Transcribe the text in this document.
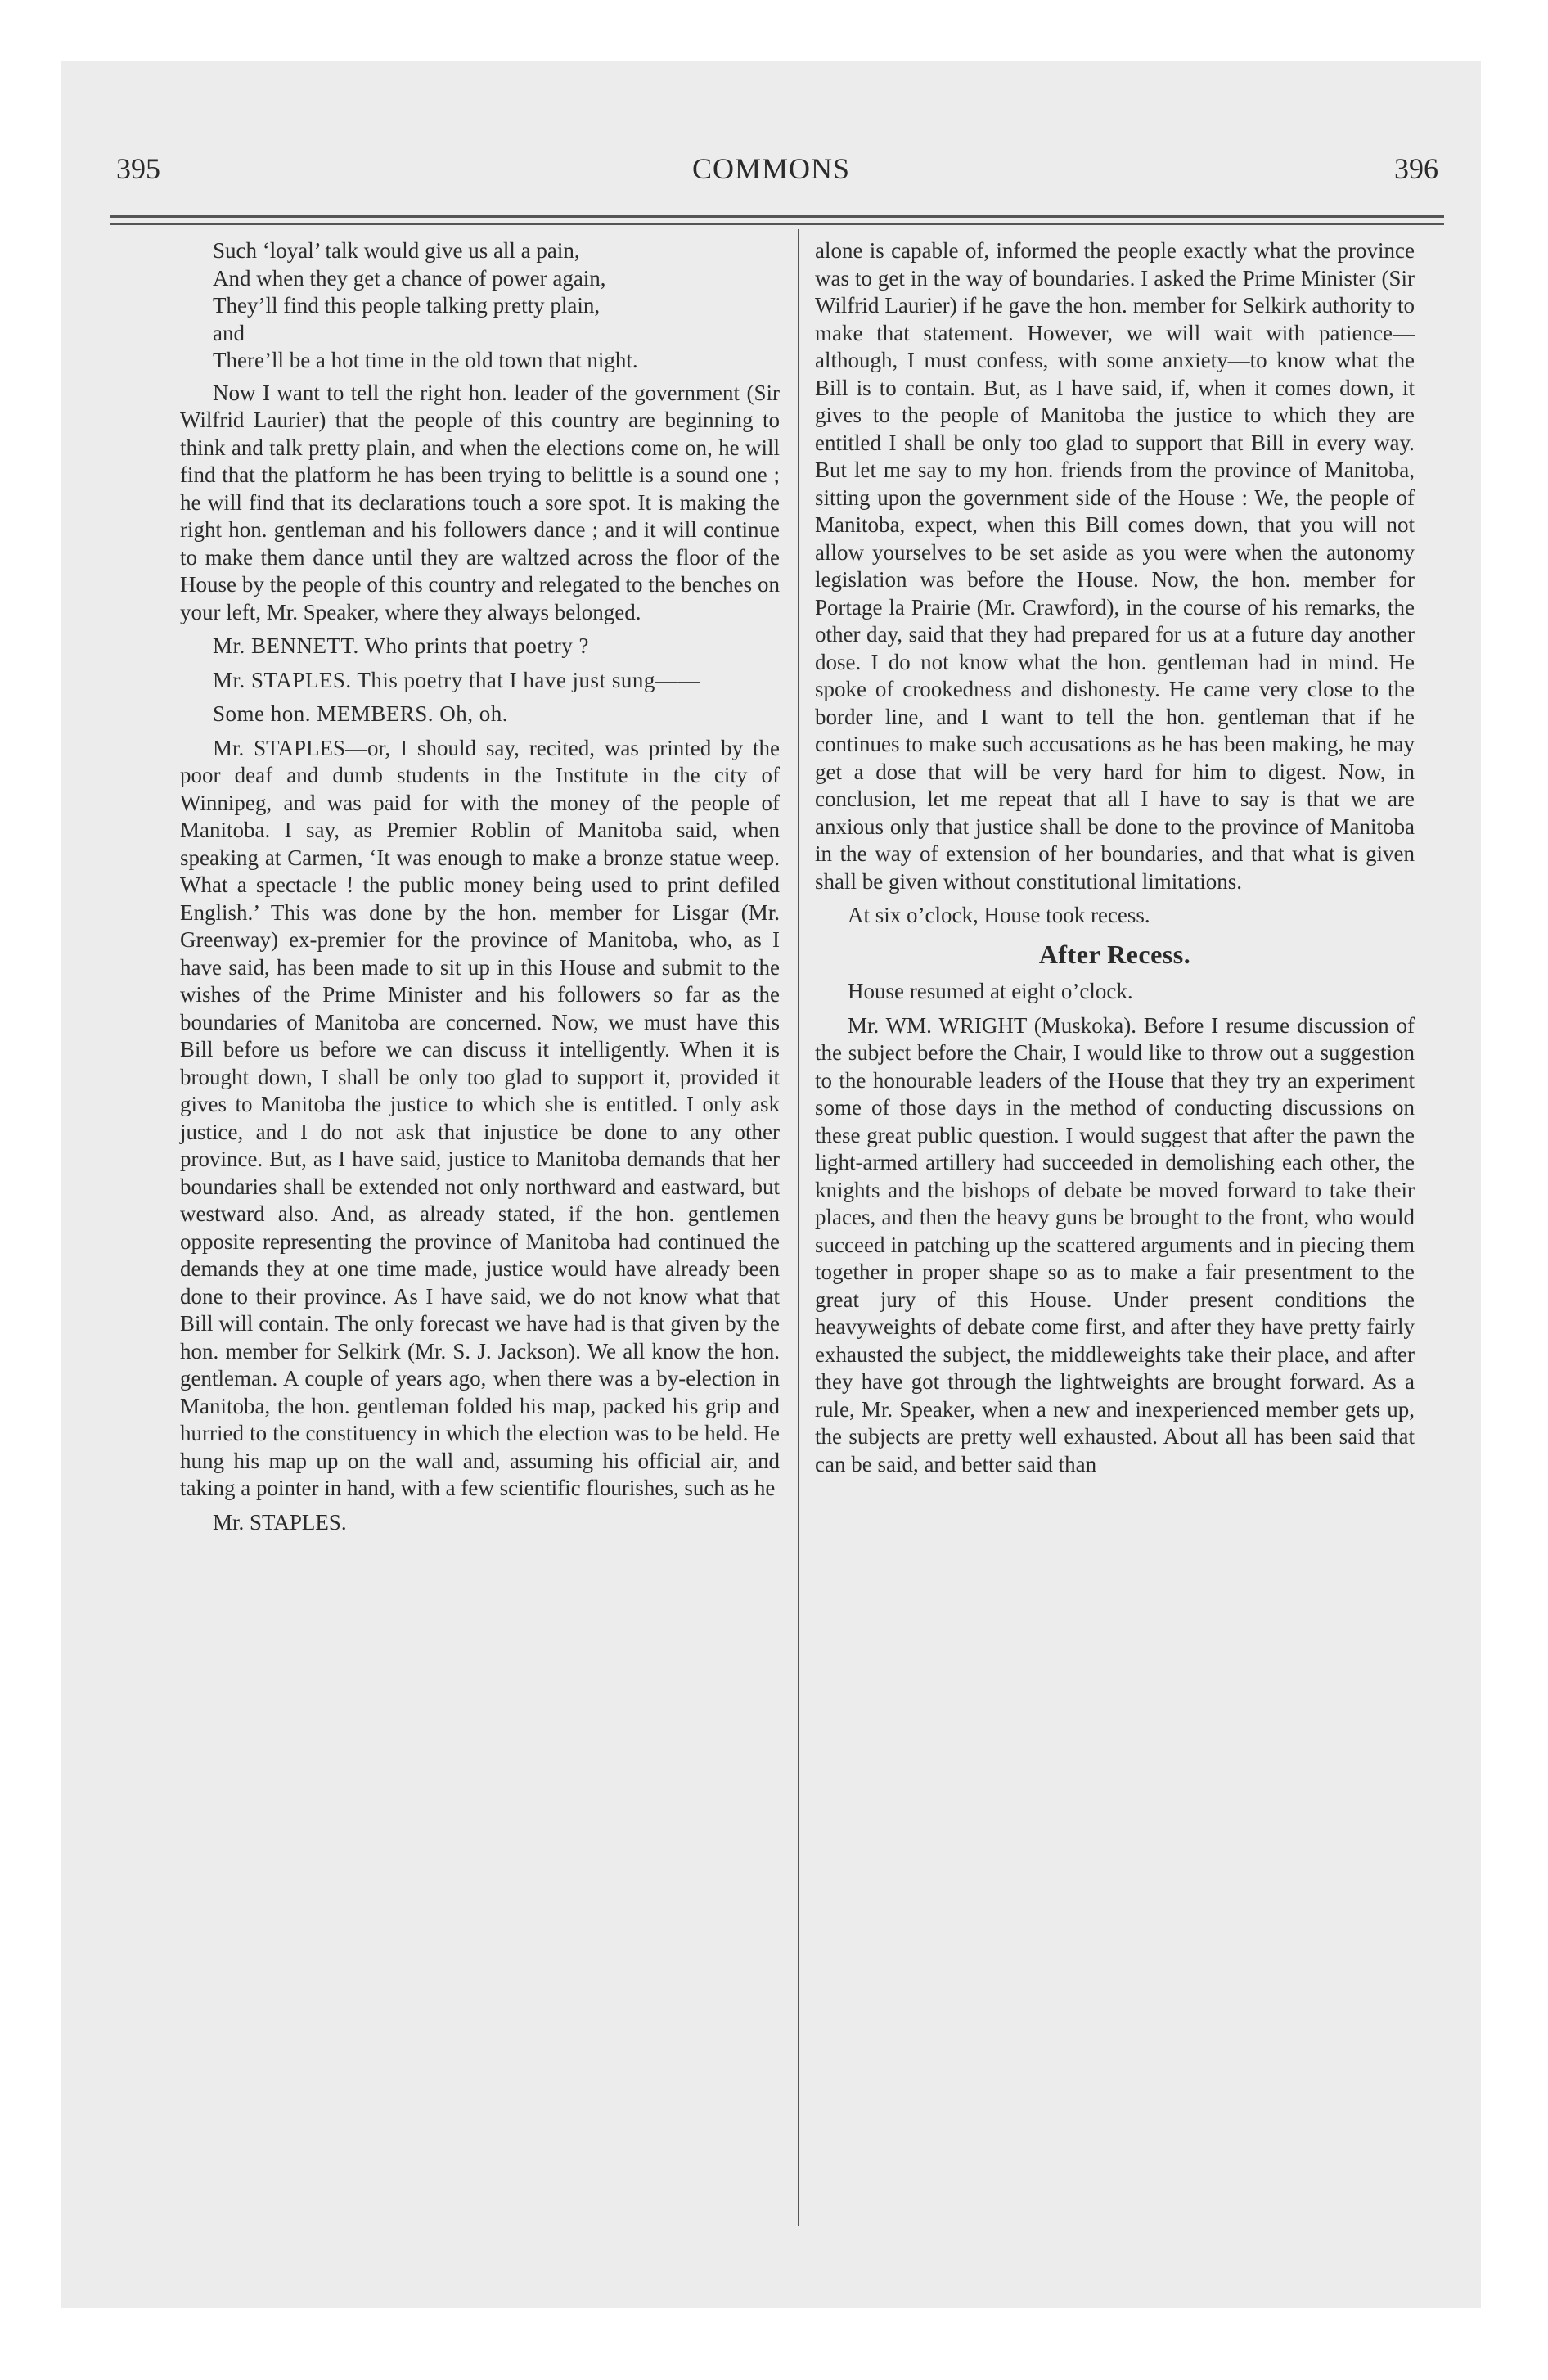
395	COMMONS	396
Such ‘loyal’ talk would give us all a pain,
And when they get a chance of power again,
They’ll find this people talking pretty plain,
and
There’ll be a hot time in the old town that night.

Now I want to tell the right hon. leader of the government (Sir Wilfrid Laurier) that the people of this country are beginning to think and talk pretty plain, and when the elections come on, he will find that the platform he has been trying to belittle is a sound one ; he will find that its declarations touch a sore spot. It is making the right hon. gentleman and his followers dance ; and it will continue to make them dance until they are waltzed across the floor of the House by the people of this country and relegated to the benches on your left, Mr. Speaker, where they always belonged.

Mr. BENNETT. Who prints that poetry ?

Mr. STAPLES. This poetry that I have just sung——

Some hon. MEMBERS. Oh, oh.

Mr. STAPLES—or, I should say, recited, was printed by the poor deaf and dumb students in the Institute in the city of Winnipeg, and was paid for with the money of the people of Manitoba. I say, as Premier Roblin of Manitoba said, when speaking at Carmen, ‘It was enough to make a bronze statue weep. What a spectacle ! the public money being used to print defiled English.’ This was done by the hon. member for Lisgar (Mr. Greenway) ex-premier for the province of Manitoba, who, as I have said, has been made to sit up in this House and submit to the wishes of the Prime Minister and his followers so far as the boundaries of Manitoba are concerned. Now, we must have this Bill before us before we can discuss it intelligently. When it is brought down, I shall be only too glad to support it, provided it gives to Manitoba the justice to which she is entitled. I only ask justice, and I do not ask that injustice be done to any other province. But, as I have said, justice to Manitoba demands that her boundaries shall be extended not only northward and eastward, but westward also. And, as already stated, if the hon. gentlemen opposite representing the province of Manitoba had continued the demands they at one time made, justice would have already been done to their province. As I have said, we do not know what that Bill will contain. The only forecast we have had is that given by the hon. member for Selkirk (Mr. S. J. Jackson). We all know the hon. gentleman. A couple of years ago, when there was a by-election in Manitoba, the hon. gentleman folded his map, packed his grip and hurried to the constituency in which the election was to be held. He hung his map up on the wall and, assuming his official air, and taking a pointer in hand, with a few scientific flourishes, such as he

Mr. STAPLES.

alone is capable of, informed the people exactly what the province was to get in the way of boundaries. I asked the Prime Minister (Sir Wilfrid Laurier) if he gave the hon. member for Selkirk authority to make that statement. However, we will wait with patience—although, I must confess, with some anxiety—to know what the Bill is to contain. But, as I have said, if, when it comes down, it gives to the people of Manitoba the justice to which they are entitled I shall be only too glad to support that Bill in every way. But let me say to my hon. friends from the province of Manitoba, sitting upon the government side of the House : We, the people of Manitoba, expect, when this Bill comes down, that you will not allow yourselves to be set aside as you were when the autonomy legislation was before the House. Now, the hon. member for Portage la Prairie (Mr. Crawford), in the course of his remarks, the other day, said that they had prepared for us at a future day another dose. I do not know what the hon. gentleman had in mind. He spoke of crookedness and dishonesty. He came very close to the border line, and I want to tell the hon. gentleman that if he continues to make such accusations as he has been making, he may get a dose that will be very hard for him to digest. Now, in conclusion, let me repeat that all I have to say is that we are anxious only that justice shall be done to the province of Manitoba in the way of extension of her boundaries, and that what is given shall be given without constitutional limitations.

At six o’clock, House took recess.

After Recess.

House resumed at eight o’clock.

Mr. WM. WRIGHT (Muskoka). Before I resume discussion of the subject before the Chair, I would like to throw out a suggestion to the honourable leaders of the House that they try an experiment some of those days in the method of conducting discussions on these great public question. I would suggest that after the pawn the light-armed artillery had succeeded in demolishing each other, the knights and the bishops of debate be moved forward to take their places, and then the heavy guns be brought to the front, who would succeed in patching up the scattered arguments and in piecing them together in proper shape so as to make a fair presentment to the great jury of this House. Under present conditions the heavyweights of debate come first, and after they have pretty fairly exhausted the subject, the middleweights take their place, and after they have got through the lightweights are brought forward. As a rule, Mr. Speaker, when a new and inexperienced member gets up, the subjects are pretty well exhausted. About all has been said that can be said, and better said than
